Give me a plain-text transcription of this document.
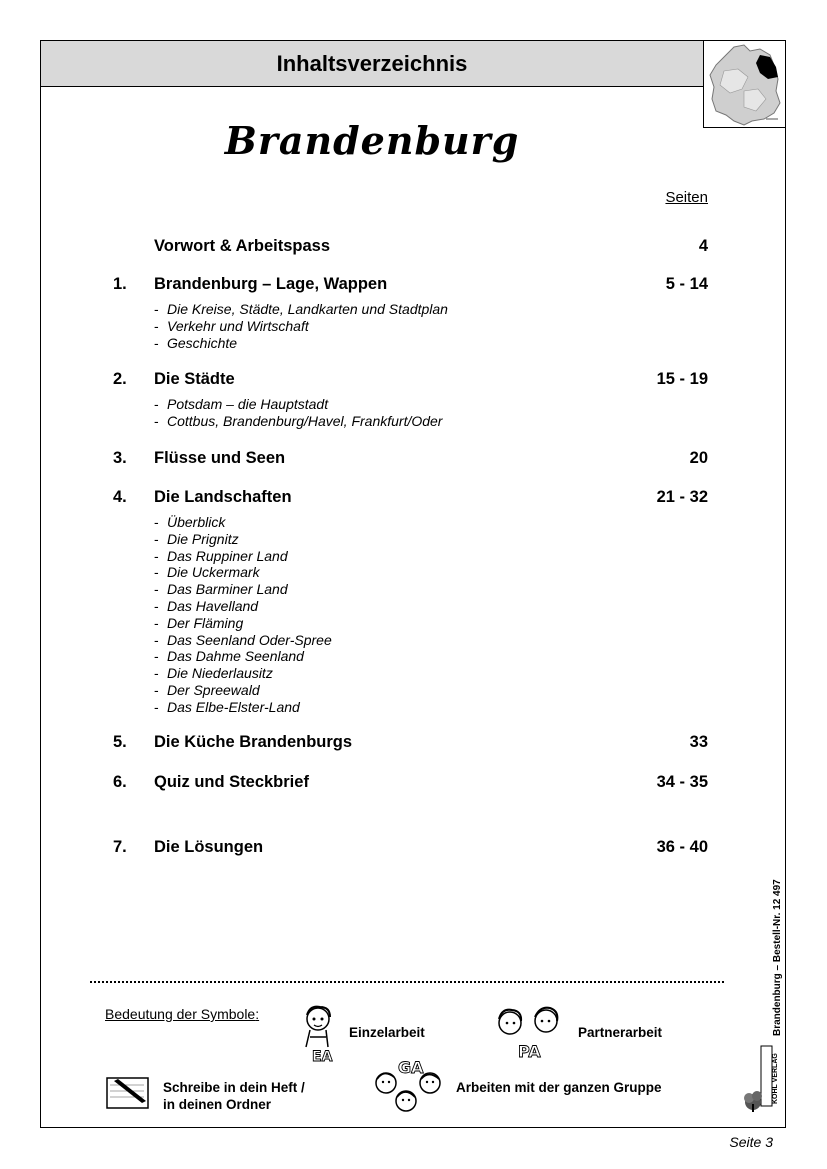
Inhaltsverzeichnis
Brandenburg
Seiten
Vorwort & Arbeitspass	4
1. Brandenburg – Lage, Wappen	5 - 14
- Die Kreise, Städte, Landkarten und Stadtplan
- Verkehr und Wirtschaft
- Geschichte
2. Die Städte	15 - 19
- Potsdam – die Hauptstadt
- Cottbus, Brandenburg/Havel, Frankfurt/Oder
3. Flüsse und Seen	20
4. Die Landschaften	21 - 32
- Überblick
- Die Prignitz
- Das Ruppiner Land
- Die Uckermark
- Das Barminer Land
- Das Havelland
- Der Fläming
- Das Seenland Oder-Spree
- Das Dahme Seenland
- Die Niederlausitz
- Der Spreewald
- Das Elbe-Elster-Land
5. Die Küche Brandenburgs	33
6. Quiz und Steckbrief	34 - 35
7. Die Lösungen	36 - 40
Bedeutung der Symbole:
EA
Einzelarbeit
PA
Partnerarbeit
Schreibe in dein Heft /
in deinen Ordner
GA
Arbeiten mit der ganzen Gruppe
Brandenburg – Bestell-Nr. 12 497
KOHL VERLAG
Seite 3
